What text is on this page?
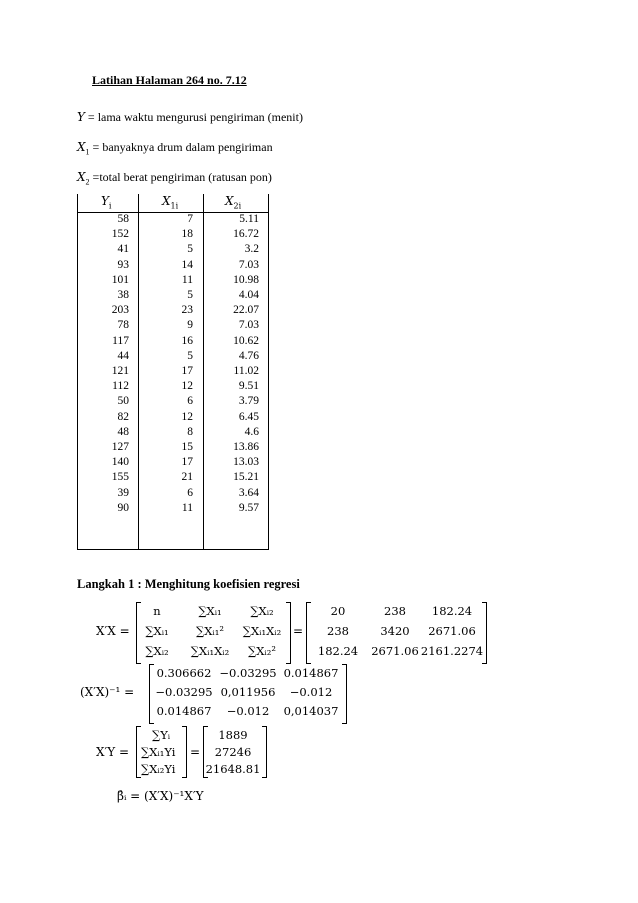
Latihan Halaman 264 no. 7.12
Y = lama waktu mengurusi pengiriman (menit)
$X_1$ = banyaknya drum dalam pengiriman
$X_2$ =total berat pengiriman (ratusan pon)
$Y_i$	$X_{1i}$	$X_{2i}$
58	7	5.11
152	18	16.72
41	5	3.2
93	14	7.03
101	11	10.98
38	5	4.04
203	23	22.07
78	9	7.03
117	16	10.62
44	5	4.76
121	17	11.02
112	12	9.51
50	6	3.79
82	12	6.45
48	8	4.6
127	15	13.86
140	17	13.03
155	21	15.21
39	6	3.64
90	11	9.57
Langkah 1 : Menghitung koefisien regresi
X′X =
n	∑Xᵢ₁ ∑Xᵢ₂
∑Xᵢ₁ ∑Xᵢ₁² ∑Xᵢ₁Xᵢ₂
∑Xᵢ₂ ∑Xᵢ₁Xᵢ₂ ∑Xᵢ₂²
=
20	238 182.24
238	3420 2671.06
182.24 2671.06 2161.2274
(X′X)⁻¹ =
0.306662 −0.03295 0.014867
−0.03295 0,011956 −0.012
0.014867 −0.012 0,014037
X′Y =
∑Yᵢ
∑Xᵢ₁Yi
∑Xᵢ₂Yi
=
1889
27246
21648.81
β̂ᵢ = (X′X)⁻¹X′Y
